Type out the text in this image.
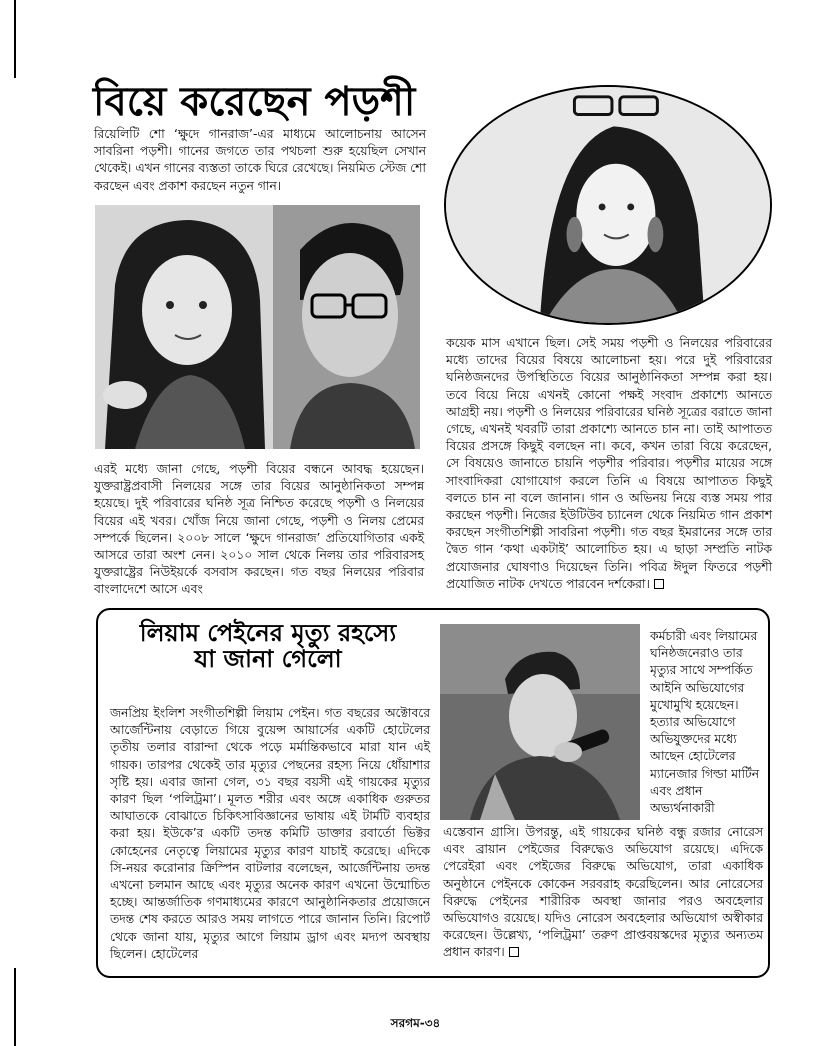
বিয়ে করেছেন পড়শী

রিয়েলিটি শো ‘ক্ষুদে গানরাজ’-এর মাধ্যমে আলোচনায় আসেন সাবরিনা পড়শী। গানের জগতে তার পথচলা শুরু হয়েছিল সেখান থেকেই। এখন গানের ব্যস্ততা তাকে ঘিরে রেখেছে। নিয়মিত স্টেজ শো করছেন এবং প্রকাশ করছেন নতুন গান।

এরই মধ্যে জানা গেছে, পড়শী বিয়ের বন্ধনে আবদ্ধ হয়েছেন। যুক্তরাষ্ট্রপ্রবাসী নিলয়ের সঙ্গে তার বিয়ের আনুষ্ঠানিকতা সম্পন্ন হয়েছে। দুই পরিবারের ঘনিষ্ঠ সূত্র নিশ্চিত করেছে পড়শী ও নিলয়ের বিয়ের এই খবর। খোঁজ নিয়ে জানা গেছে, পড়শী ও নিলয় প্রেমের সম্পর্কে ছিলেন। ২০০৮ সালে ‘ক্ষুদে গানরাজ’ প্রতিযোগিতার একই আসরে তারা অংশ নেন। ২০১০ সাল থেকে নিলয় তার পরিবারসহ যুক্তরাষ্ট্রের নিউইয়র্কে বসবাস করছেন। গত বছর নিলয়ের পরিবার বাংলাদেশে আসে এবং

কয়েক মাস এখানে ছিল। সেই সময় পড়শী ও নিলয়ের পরিবারের মধ্যে তাদের বিয়ের বিষয়ে আলোচনা হয়। পরে দুই পরিবারের ঘনিষ্ঠজনদের উপস্থিতিতে বিয়ের আনুষ্ঠানিকতা সম্পন্ন করা হয়। তবে বিয়ে নিয়ে এখনই কোনো পক্ষই সংবাদ প্রকাশ্যে আনতে আগ্রহী নয়। পড়শী ও নিলয়ের পরিবারের ঘনিষ্ঠ সূত্রের বরাতে জানা গেছে, এখনই খবরটি তারা প্রকাশ্যে আনতে চান না। তাই আপাতত বিয়ের প্রসঙ্গে কিছুই বলছেন না। কবে, কখন তারা বিয়ে করেছেন, সে বিষয়েও জানাতে চায়নি পড়শীর পরিবার। পড়শীর মায়ের সঙ্গে সাংবাদিকরা যোগাযোগ করলে তিনি এ বিষয়ে আপাতত কিছুই বলতে চান না বলে জানান। গান ও অভিনয় নিয়ে ব্যস্ত সময় পার করছেন পড়শী। নিজের ইউটিউব চ্যানেল থেকে নিয়মিত গান প্রকাশ করছেন সংগীতশিল্পী সাবরিনা পড়শী। গত বছর ইমরানের সঙ্গে তার দ্বৈত গান ‘কথা একটাই’ আলোচিত হয়। এ ছাড়া সম্প্রতি নাটক প্রযোজনার ঘোষণাও দিয়েছেন তিনি। পবিত্র ঈদুল ফিতরে পড়শী প্রযোজিত নাটক দেখতে পারবেন দর্শকেরা।

লিয়াম পেইনের মৃত্যু রহস্যে
যা জানা গেলো

জনপ্রিয় ইংলিশ সংগীতশিল্পী লিয়াম পেইন। গত বছরের অক্টোবরে আর্জেন্টিনায় বেড়াতে গিয়ে বুয়েন্স আয়ার্সের একটি হোটেলের তৃতীয় তলার বারান্দা থেকে পড়ে মর্মান্তিকভাবে মারা যান এই গায়ক। তারপর থেকেই তার মৃত্যুর পেছনের রহস্য নিয়ে ধোঁয়াশার সৃষ্টি হয়। এবার জানা গেল, ৩১ বছর বয়সী এই গায়কের মৃত্যুর কারণ ছিল ‘পলিট্রমা’। মূলত শরীর এবং অঙ্গে একাধিক গুরুতর আঘাতকে বোঝাতে চিকিৎসাবিজ্ঞানের ভাষায় এই টার্মটি ব্যবহার করা হয়। ইউকে’র একটি তদন্ত কমিটি ডাক্তার রবার্তো ভিক্টর কোহেনের নেতৃত্বে লিয়ামের মৃত্যুর কারণ যাচাই করেছে। এদিকে সি-নয়র করোনার ক্রিস্পিন বাটলার বলেছেন, আর্জেন্টিনায় তদন্ত এখনো চলমান আছে এবং মৃত্যুর অনেক কারণ এখনো উন্মোচিত হচ্ছে। আন্তর্জাতিক গণমাধ্যমের কারণে আনুষ্ঠানিকতার প্রয়োজনে তদন্ত শেষ করতে আরও সময় লাগতে পারে জানান তিনি। রিপোর্ট থেকে জানা যায়, মৃত্যুর আগে লিয়াম ড্রাগ এবং মদ্যপ অবস্থায় ছিলেন। হোটেলের

কর্মচারী এবং লিয়ামের ঘনিষ্ঠজনেরাও তার মৃত্যুর সাথে সম্পর্কিত আইনি অভিযোগের মুখোমুখি হয়েছেন। হত্যার অভিযোগে অভিযুক্তদের মধ্যে আছেন হোটেলের ম্যানেজার গিল্ডা মার্টিন এবং প্রধান অভ্যর্থনাকারী

এস্তেবান গ্রাসি। উপরন্তু, এই গায়কের ঘনিষ্ঠ বন্ধু রজার নোরেস এবং ব্রায়ান পেইজের বিরুদ্ধেও অভিযোগ রয়েছে। এদিকে পেরেইরা এবং পেইজের বিরুদ্ধে অভিযোগ, তারা একাধিক অনুষ্ঠানে পেইনকে কোকেন সরবরাহ করেছিলেন। আর নোরেসের বিরুদ্ধে পেইনের শারীরিক অবস্থা জানার পরও অবহেলার অভিযোগও রয়েছে। যদিও নোরেস অবহেলার অভিযোগ অস্বীকার করেছেন। উল্লেখ্য, ‘পলিট্রমা’ তরুণ প্রাপ্তবয়স্কদের মৃত্যুর অন্যতম প্রধান কারণ।

সরগম-৩৪
